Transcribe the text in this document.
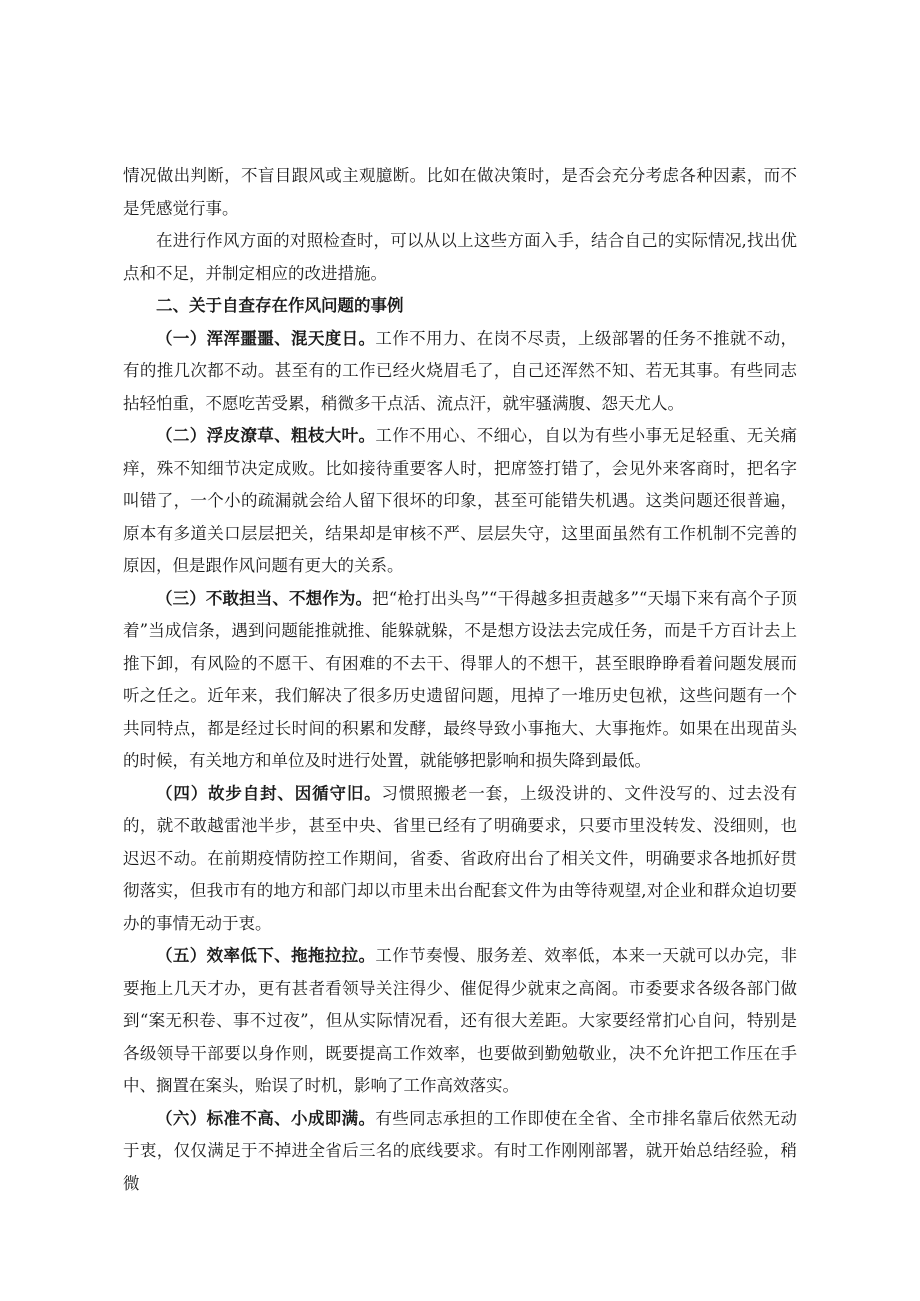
情况做出判断，不盲目跟风或主观臆断。比如在做决策时，是否会充分考虑各种因素，而不是凭感觉行事。

在进行作风方面的对照检查时，可以从以上这些方面入手，结合自己的实际情况,找出优点和不足，并制定相应的改进措施。

二、关于自查存在作风问题的事例

（一）浑浑噩噩、混天度日。工作不用力、在岗不尽责，上级部署的任务不推就不动，有的推几次都不动。甚至有的工作已经火烧眉毛了，自己还浑然不知、若无其事。有些同志拈轻怕重，不愿吃苦受累，稍微多干点活、流点汗，就牢骚满腹、怨天尤人。

（二）浮皮潦草、粗枝大叶。工作不用心、不细心，自以为有些小事无足轻重、无关痛痒，殊不知细节决定成败。比如接待重要客人时，把席签打错了，会见外来客商时，把名字叫错了，一个小的疏漏就会给人留下很坏的印象，甚至可能错失机遇。这类问题还很普遍，原本有多道关口层层把关，结果却是审核不严、层层失守，这里面虽然有工作机制不完善的原因，但是跟作风问题有更大的关系。

（三）不敢担当、不想作为。把“枪打出头鸟”“干得越多担责越多”“天塌下来有高个子顶着”当成信条，遇到问题能推就推、能躲就躲，不是想方设法去完成任务，而是千方百计去上推下卸，有风险的不愿干、有困难的不去干、得罪人的不想干，甚至眼睁睁看着问题发展而听之任之。近年来，我们解决了很多历史遗留问题，甩掉了一堆历史包袱，这些问题有一个共同特点，都是经过长时间的积累和发酵，最终导致小事拖大、大事拖炸。如果在出现苗头的时候，有关地方和单位及时进行处置，就能够把影响和损失降到最低。

（四）故步自封、因循守旧。习惯照搬老一套，上级没讲的、文件没写的、过去没有的，就不敢越雷池半步，甚至中央、省里已经有了明确要求，只要市里没转发、没细则，也迟迟不动。在前期疫情防控工作期间，省委、省政府出台了相关文件，明确要求各地抓好贯彻落实，但我市有的地方和部门却以市里未出台配套文件为由等待观望,对企业和群众迫切要办的事情无动于衷。

（五）效率低下、拖拖拉拉。工作节奏慢、服务差、效率低，本来一天就可以办完，非要拖上几天才办，更有甚者看领导关注得少、催促得少就束之高阁。市委要求各级各部门做到“案无积卷、事不过夜”，但从实际情况看，还有很大差距。大家要经常扪心自问，特别是各级领导干部要以身作则，既要提高工作效率，也要做到勤勉敬业，决不允许把工作压在手中、搁置在案头，贻误了时机，影响了工作高效落实。

（六）标准不高、小成即满。有些同志承担的工作即使在全省、全市排名靠后依然无动于衷，仅仅满足于不掉进全省后三名的底线要求。有时工作刚刚部署，就开始总结经验，稍微
